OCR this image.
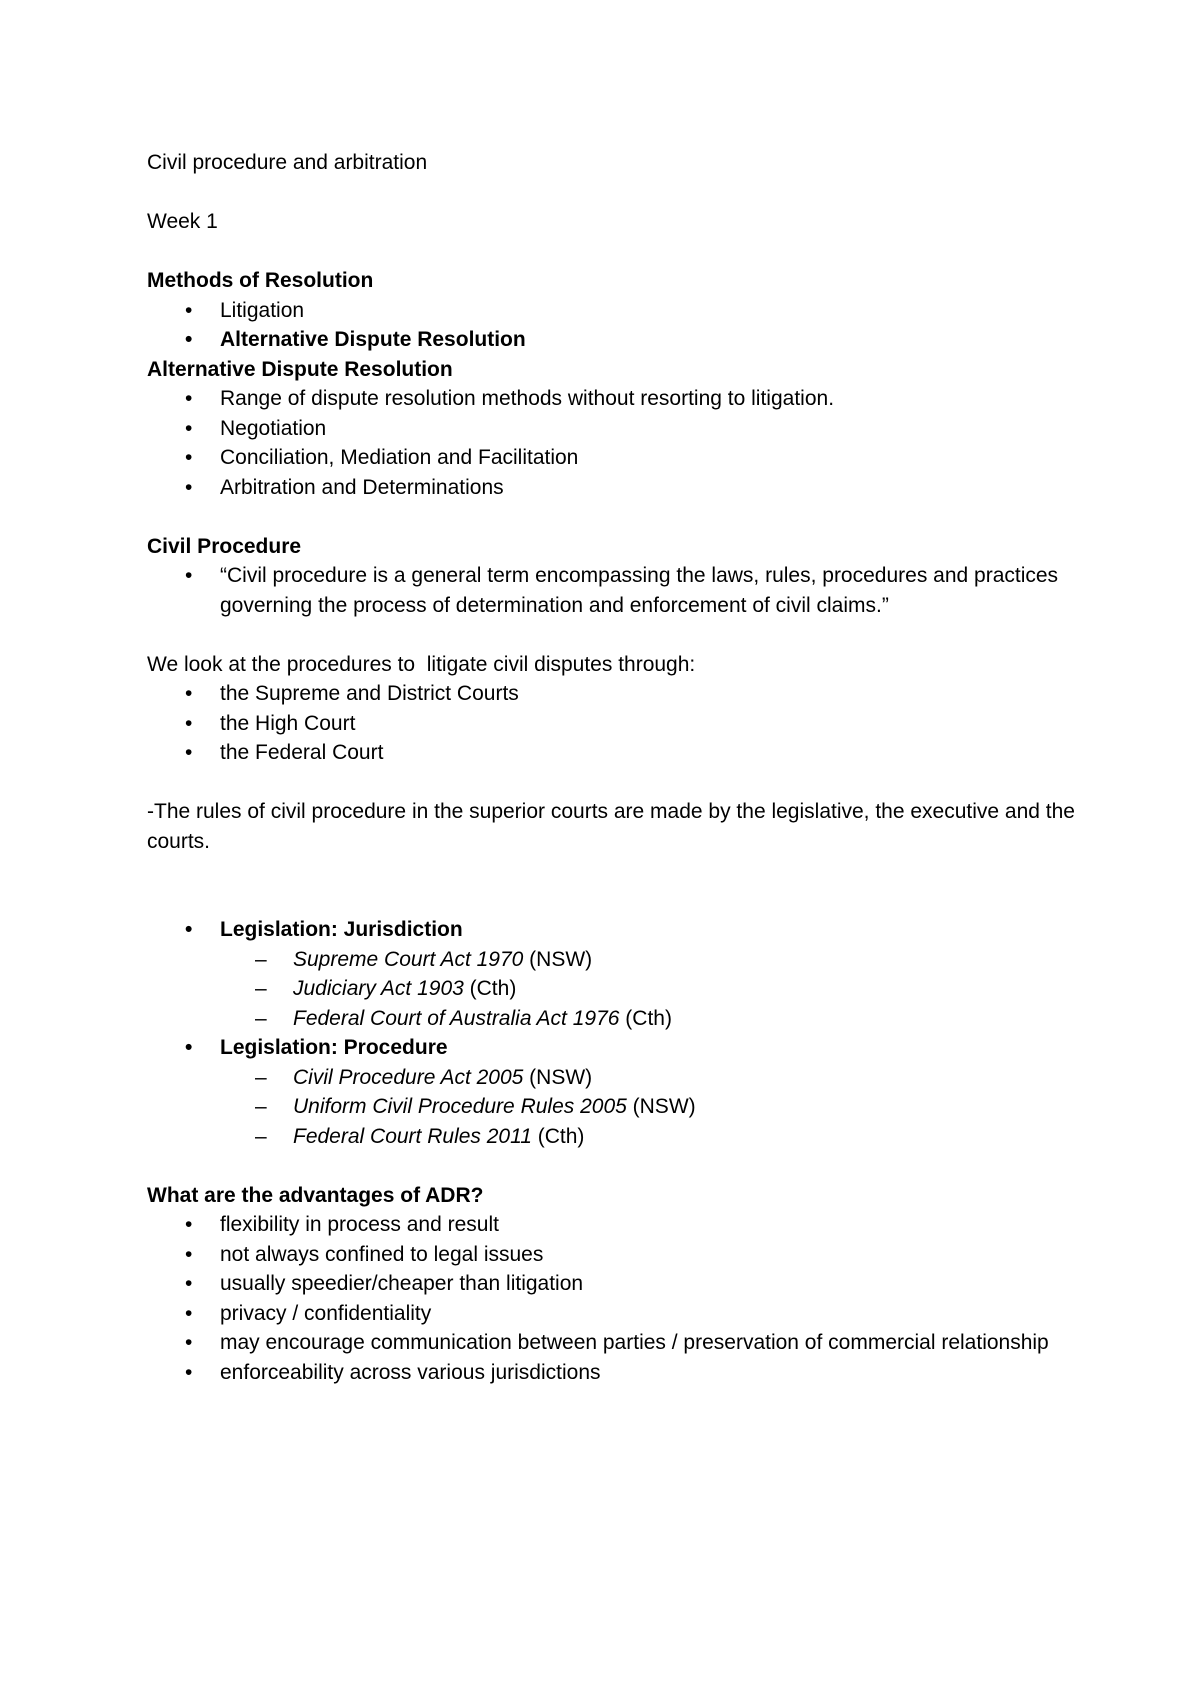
Civil procedure and arbitration
Week 1
Methods of Resolution
• Litigation
• Alternative Dispute Resolution
Alternative Dispute Resolution
• Range of dispute resolution methods without resorting to litigation.
• Negotiation
• Conciliation, Mediation and Facilitation
• Arbitration and Determinations
Civil Procedure
• “Civil procedure is a general term encompassing the laws, rules, procedures and practices governing the process of determination and enforcement of civil claims.”
We look at the procedures to  litigate civil disputes through:
• the Supreme and District Courts
• the High Court
• the Federal Court
-The rules of civil procedure in the superior courts are made by the legislative, the executive and the courts.
• Legislation: Jurisdiction
– Supreme Court Act 1970 (NSW)
– Judiciary Act 1903 (Cth)
– Federal Court of Australia Act 1976 (Cth)
• Legislation: Procedure
– Civil Procedure Act 2005 (NSW)
– Uniform Civil Procedure Rules 2005 (NSW)
– Federal Court Rules 2011 (Cth)
What are the advantages of ADR?
• flexibility in process and result
• not always confined to legal issues
• usually speedier/cheaper than litigation
• privacy / confidentiality
• may encourage communication between parties / preservation of commercial relationship
• enforceability across various jurisdictions
